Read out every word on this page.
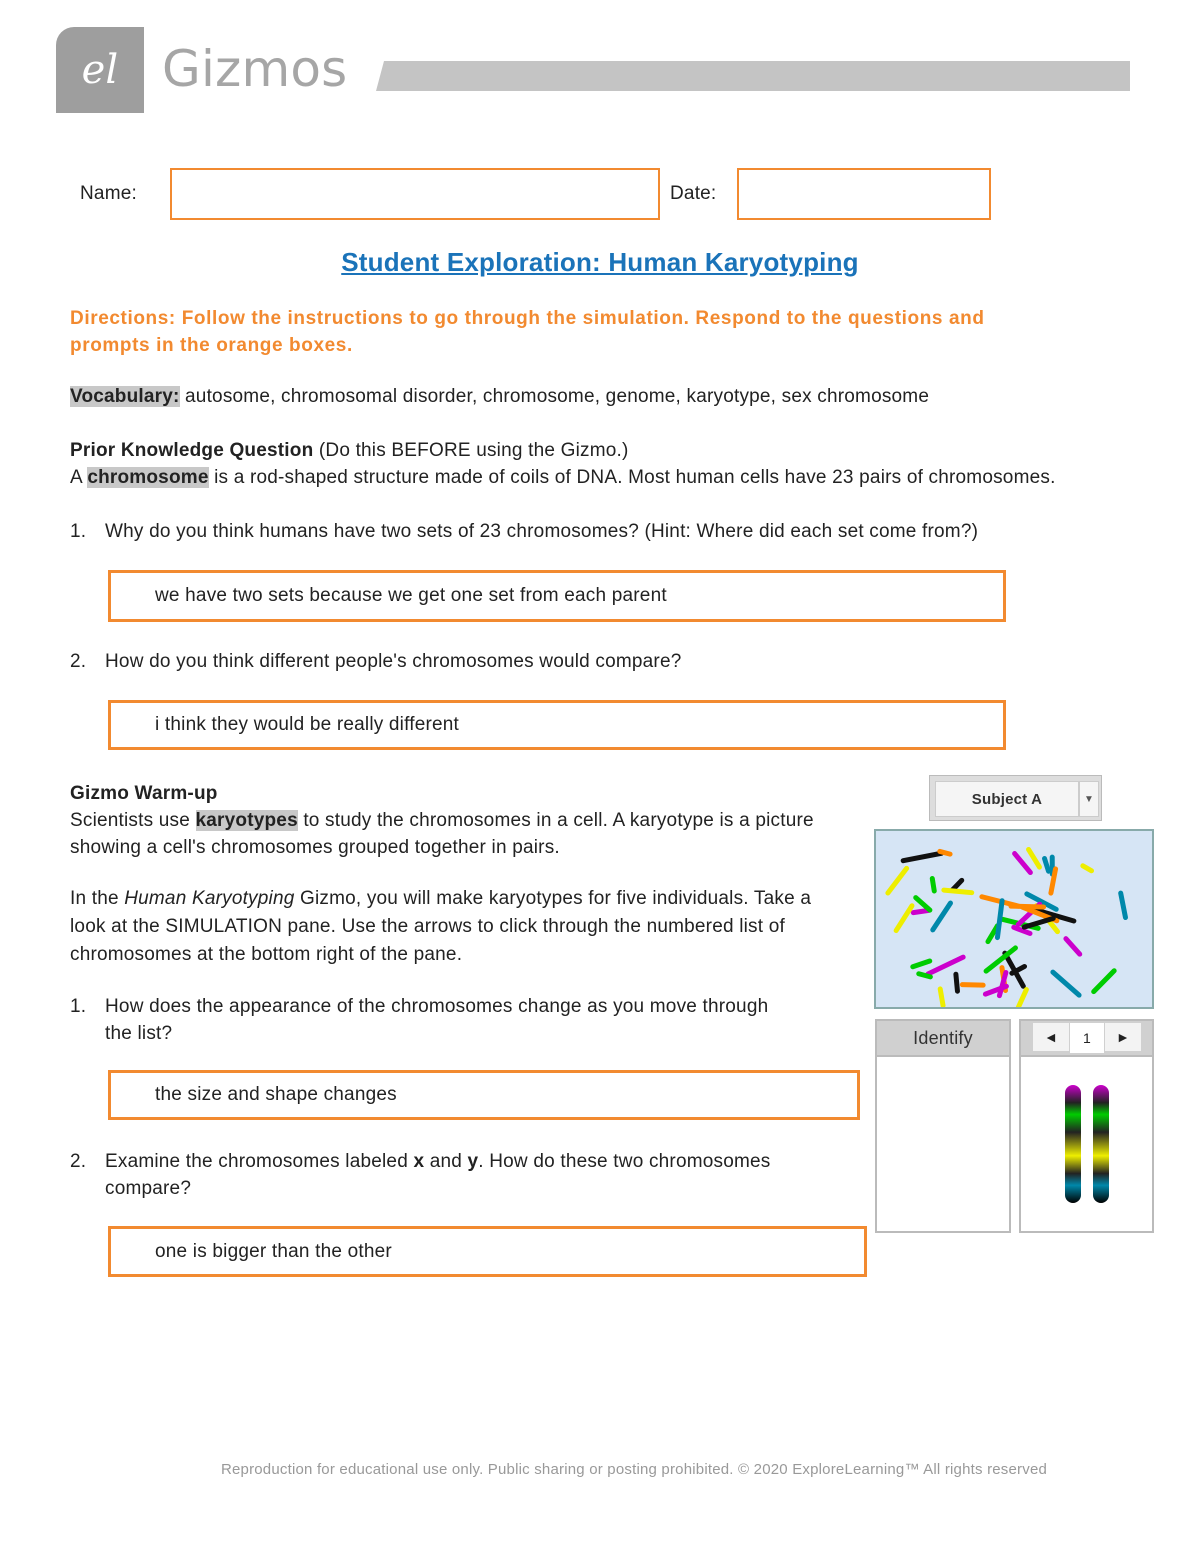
el Gizmos
Name:	Date:
Student Exploration: Human Karyotyping
Directions: Follow the instructions to go through the simulation. Respond to the questions and prompts in the orange boxes.
Vocabulary: autosome, chromosomal disorder, chromosome, genome, karyotype, sex chromosome
Prior Knowledge Question (Do this BEFORE using the Gizmo.)
A chromosome is a rod-shaped structure made of coils of DNA. Most human cells have 23 pairs of chromosomes.
1. Why do you think humans have two sets of 23 chromosomes? (Hint: Where did each set come from?)
we have two sets because we get one set from each parent
2. How do you think different people's chromosomes would compare?
i think they would be really different
Gizmo Warm-up
Scientists use karyotypes to study the chromosomes in a cell. A karyotype is a picture showing a cell's chromosomes grouped together in pairs.
In the Human Karyotyping Gizmo, you will make karyotypes for five individuals. Take a look at the SIMULATION pane. Use the arrows to click through the numbered list of chromosomes at the bottom right of the pane.
1. How does the appearance of the chromosomes change as you move through the list?
the size and shape changes
2. Examine the chromosomes labeled x and y. How do these two chromosomes compare?
one is bigger than the other
Subject A	▼
Identify	◄	1	►
Reproduction for educational use only. Public sharing or posting prohibited. © 2020 ExploreLearning™ All rights reserved
